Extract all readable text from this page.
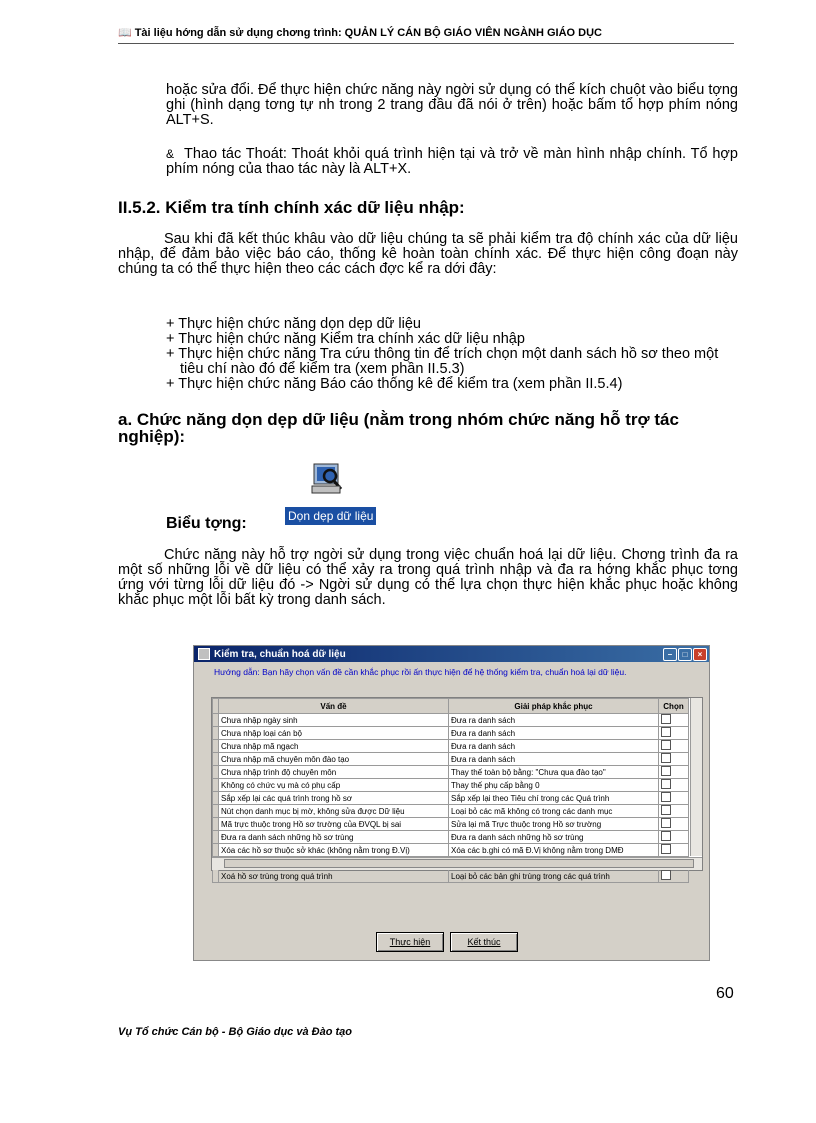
📖 Tài liệu hớng dẫn sử dụng chơng trình: QUẢN LÝ CÁN BỘ GIÁO VIÊN NGÀNH GIÁO DỤC
hoặc sửa đổi. Để thực hiện chức năng này ngời sử dụng có thể kích chuột vào biểu tợng ghi (hình dạng tơng tự nh trong 2 trang đầu đã nói ở trên) hoặc bấm tổ hợp phím nóng ALT+S.
& Thao tác Thoát: Thoát khỏi quá trình hiện tại và trở về màn hình nhập chính. Tổ hợp phím nóng của thao tác này là ALT+X.
II.5.2. Kiểm tra tính chính xác dữ liệu nhập:
Sau khi đã kết thúc khâu vào dữ liệu chúng ta sẽ phải kiểm tra độ chính xác của dữ liệu nhập, để đảm bảo việc báo cáo, thống kê hoàn toàn chính xác. Để thực hiện công đoạn này chúng ta có thể thực hiện theo các cách đợc kể ra dới đây:
+ Thực hiện chức năng dọn dẹp dữ liệu
+ Thực hiện chức năng Kiểm tra chính xác dữ liệu nhập
+ Thực hiện chức năng Tra cứu thông tin để trích chọn một danh sách hồ sơ theo một tiêu chí nào đó để kiểm tra (xem phần II.5.3)
+ Thực hiện chức năng Báo cáo thống kê để kiểm tra (xem phần II.5.4)
a. Chức năng dọn dẹp dữ liệu (nằm trong nhóm chức năng hỗ trợ tác nghiệp):
Dọn dẹp dữ liệu
Biểu tợng:
Chức năng này hỗ trợ ngời sử dụng trong việc chuẩn hoá lại dữ liệu. Chơng trình đa ra một số những lỗi về dữ liệu có thể xảy ra trong quá trình nhập và đa ra hớng khắc phục tơng ứng với từng lỗi dữ liệu đó -> Ngời sử dụng có thể lựa chọn thực hiện khắc phục hoặc không khắc phục một lỗi bất kỳ trong danh sách.
Kiểm tra, chuẩn hoá dữ liệu	–	□	×
Hướng dẫn: Bạn hãy chọn vấn đề cần khắc phục rồi ấn thực hiện để hệ thống kiểm tra, chuẩn hoá lại dữ liệu.
	Vấn đề	Giải pháp khắc phục	Chọn
	Chưa nhập ngày sinh	Đưa ra danh sách	
	Chưa nhập loại cán bộ	Đưa ra danh sách	
	Chưa nhập mã ngạch	Đưa ra danh sách	
	Chưa nhập mã chuyên môn đào tạo	Đưa ra danh sách	
	Chưa nhập trình độ chuyên môn	Thay thế toàn bộ bằng: "Chưa qua đào tạo"	
	Không có chức vụ mà có phụ cấp	Thay thế phụ cấp bằng 0	
	Sắp xếp lại các quá trình trong hồ sơ	Sắp xếp lại theo Tiêu chí trong các Quá trình	
	Nút chọn danh mục bị mờ, không sửa được Dữ liệu	Loại bỏ các mã không có trong các danh mục	
	Mã trực thuộc trong Hồ sơ trường của ĐVQL bị sai	Sửa lại mã Trực thuộc trong Hồ sơ trường	
	Đưa ra danh sách những hồ sơ trùng	Đưa ra danh sách những hồ sơ trùng	
	Xóa các hồ sơ thuộc sở khác (không nằm trong Đ.Vị)	Xóa các b.ghi có mã Đ.Vị không nằm trong DMĐ	

	Xoá hồ sơ trùng trong quá trình	Loại bỏ các bản ghi trùng trong các quá trình	
Thực hiện	Kết thúc
60
Vụ Tổ chức Cán bộ - Bộ Giáo dục và Đào tạo
